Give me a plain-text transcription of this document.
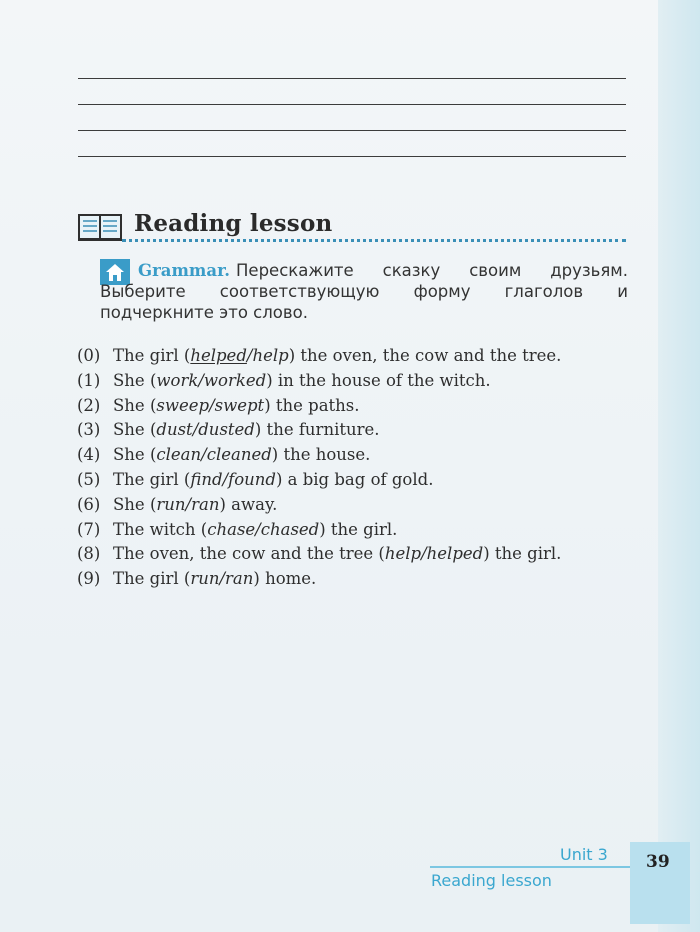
Reading lesson
Grammar. Перескажите сказку своим друзьям. Выберите соответствующую форму глаголов и подчеркните это слово.
(0) The girl (helped/help) the oven, the cow and the tree.
(1) She (work/worked) in the house of the witch.
(2) She (sweep/swept) the paths.
(3) She (dust/dusted) the furniture.
(4) She (clean/cleaned) the house.
(5) The girl (find/found) a big bag of gold.
(6) She (run/ran) away.
(7) The witch (chase/chased) the girl.
(8) The oven, the cow and the tree (help/helped) the girl.
(9) The girl (run/ran) home.
Unit 3
Reading lesson
39
